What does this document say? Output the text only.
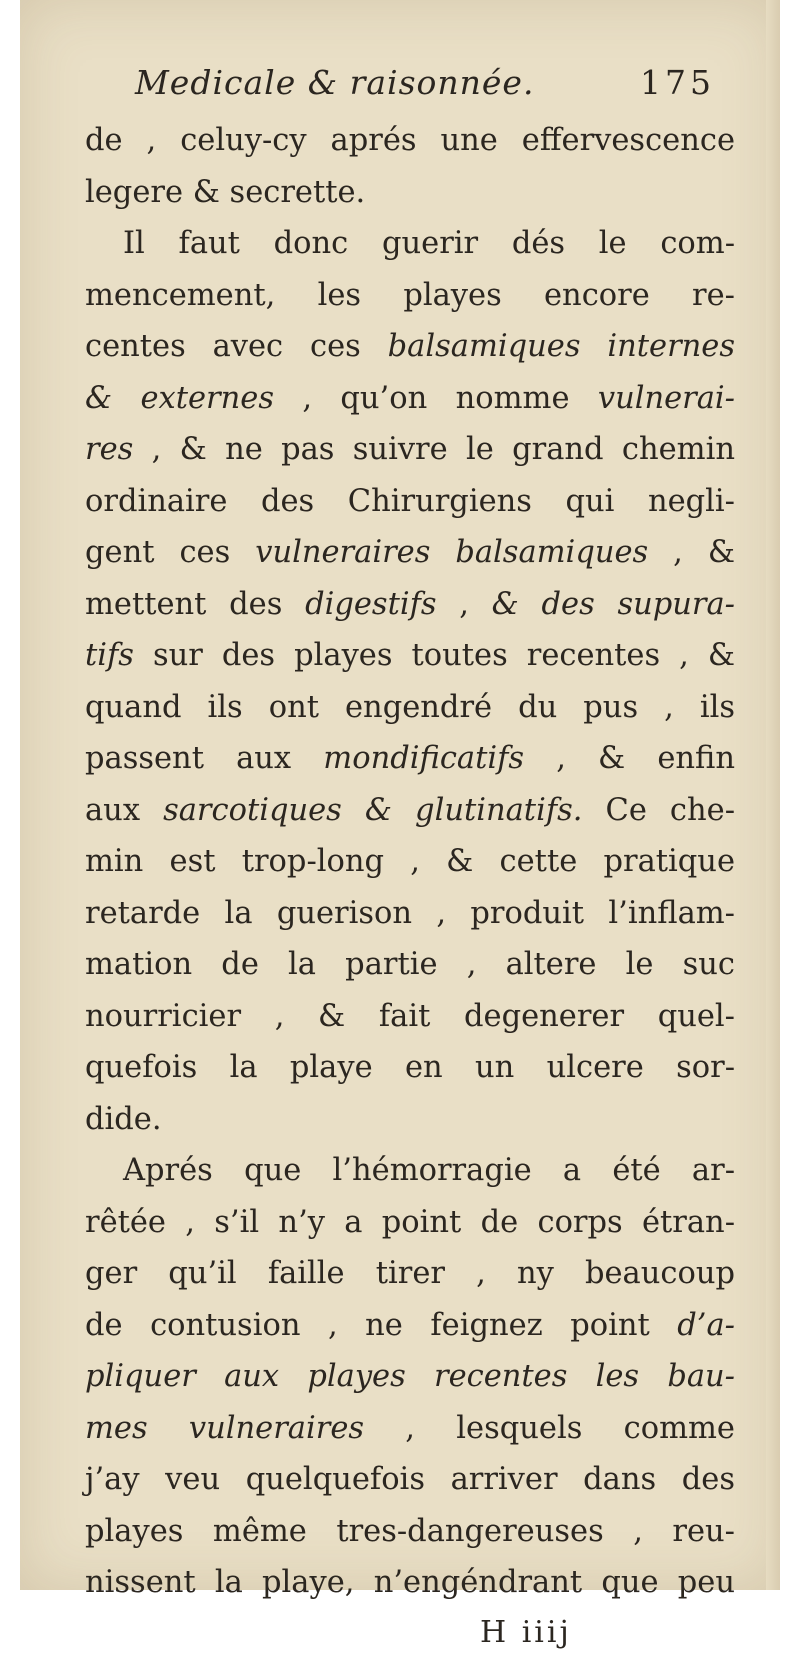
Medicale & raisonnée.	175
de , celuy-cy aprés une effervescence
legere & secrette.
Il faut donc guerir dés le com-
mencement, les playes encore re-
centes avec ces balsamiques internes
& externes , qu’on nomme vulnerai-
res , & ne pas suivre le grand chemin
ordinaire des Chirurgiens qui negli-
gent ces vulneraires balsamiques , &
mettent des digestifs , & des supura-
tifs sur des playes toutes recentes , &
quand ils ont engendré du pus , ils
passent aux mondificatifs , & enfin
aux sarcotiques & glutinatifs. Ce che-
min est trop-long , & cette pratique
retarde la guerison , produit l’inflam-
mation de la partie , altere le suc
nourricier , & fait degenerer quel-
quefois la playe en un ulcere sor-
dide.
Aprés que l’hémorragie a été ar-
rêtée , s’il n’y a point de corps étran-
ger qu’il faille tirer , ny beaucoup
de contusion , ne feignez point d’a-
pliquer aux playes recentes les bau-
mes vulneraires , lesquels comme
j’ay veu quelquefois arriver dans des
playes même tres-dangereuses , reu-
nissent la playe, n’engéndrant que peu
H iiij
